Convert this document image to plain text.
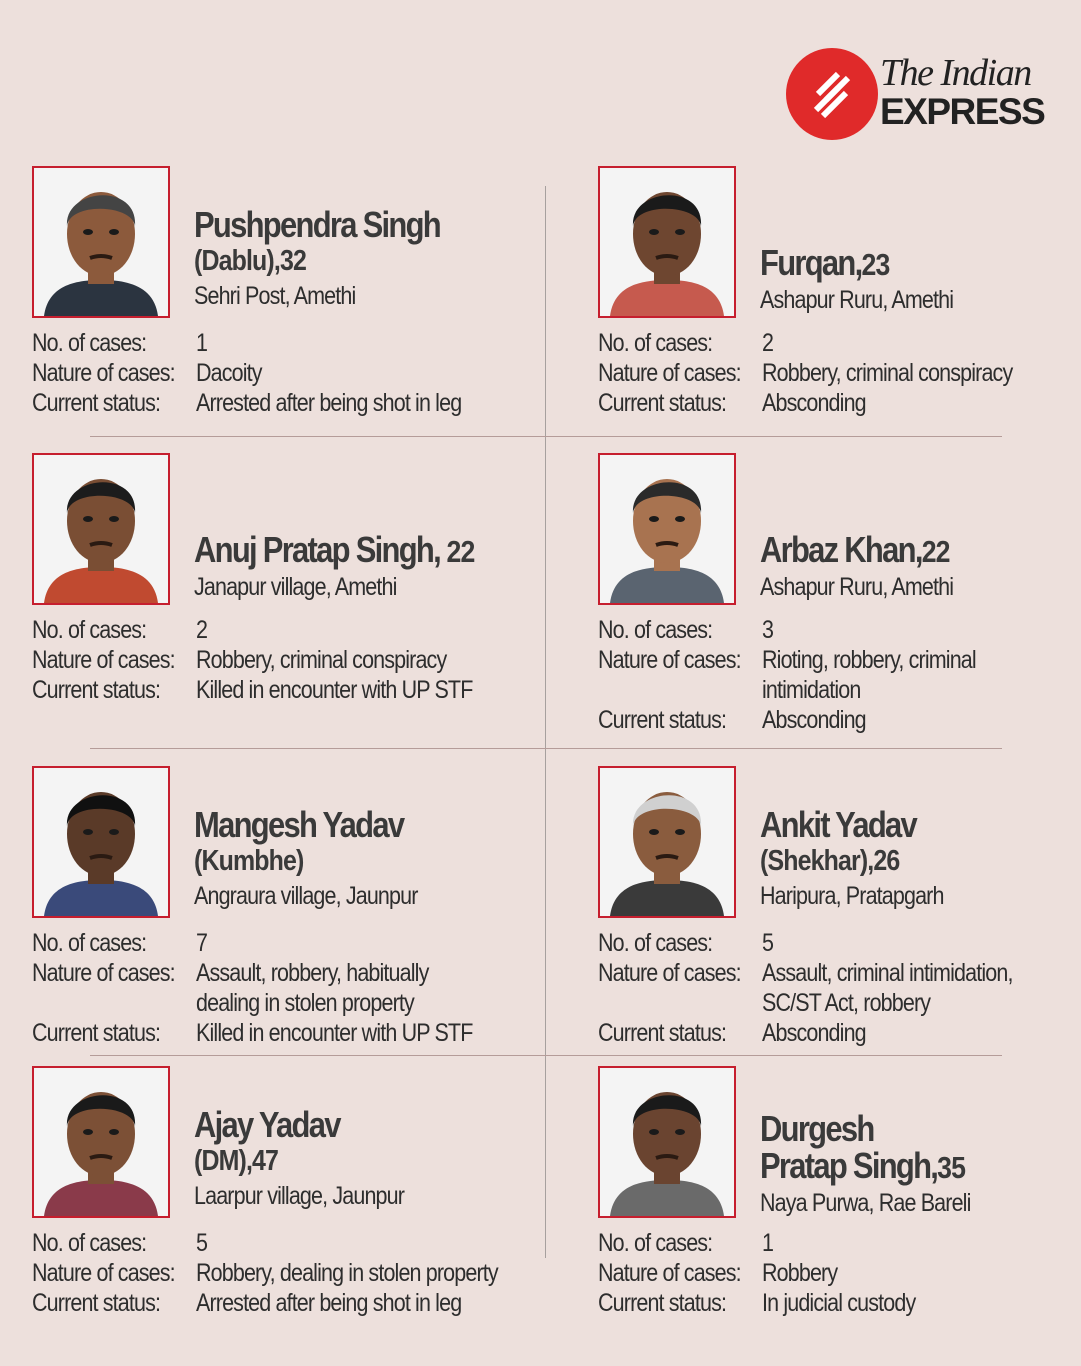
The Indian
EXPRESS
Pushpendra Singh
(Dablu),32
Sehri Post, Amethi
No. of cases: 1
Nature of cases: Dacoity
Current status: Arrested after being shot in leg
Furqan,23
Ashapur Ruru, Amethi
No. of cases: 2
Nature of cases: Robbery, criminal conspiracy
Current status: Absconding
Anuj Pratap Singh, 22
Janapur village, Amethi
No. of cases: 2
Nature of cases: Robbery, criminal conspiracy
Current status: Killed in encounter with UP STF
Arbaz Khan,22
Ashapur Ruru, Amethi
No. of cases: 3
Nature of cases: Rioting, robbery, criminal
intimidation
Current status: Absconding
Mangesh Yadav
(Kumbhe)
Angraura village, Jaunpur
No. of cases: 7
Nature of cases: Assault, robbery, habitually
dealing in stolen property
Current status: Killed in encounter with UP STF
Ankit Yadav
(Shekhar),26
Haripura, Pratapgarh
No. of cases: 5
Nature of cases: Assault, criminal intimidation,
SC/ST Act, robbery
Current status: Absconding
Ajay Yadav
(DM),47
Laarpur village, Jaunpur
No. of cases: 5
Nature of cases: Robbery, dealing in stolen property
Current status: Arrested after being shot in leg
Durgesh
Pratap Singh,35
Naya Purwa, Rae Bareli
No. of cases: 1
Nature of cases: Robbery
Current status: In judicial custody
